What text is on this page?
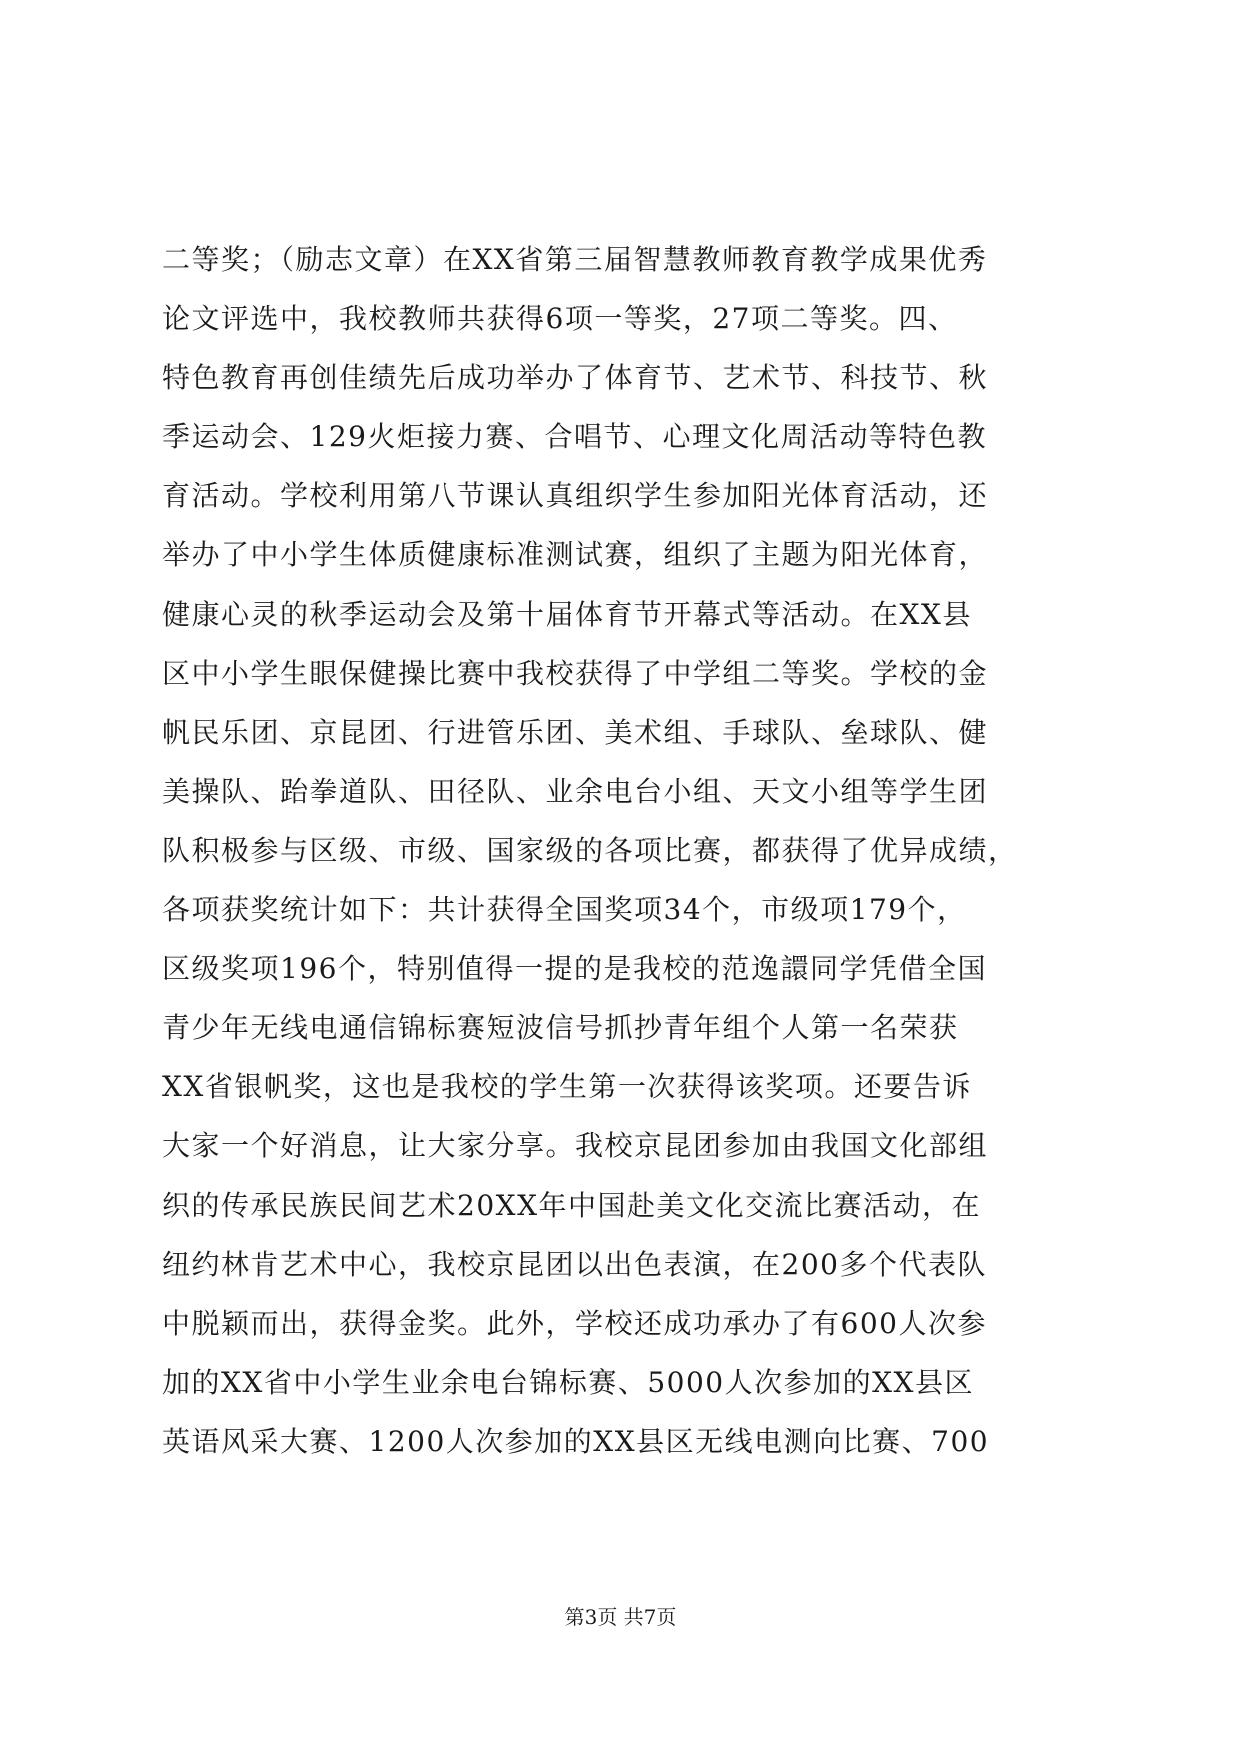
二等奖；（励志文章）在XX省第三届智慧教师教育教学成果优秀
论文评选中，我校教师共获得6项一等奖，27项二等奖。四、
特色教育再创佳绩先后成功举办了体育节、艺术节、科技节、秋
季运动会、129火炬接力赛、合唱节、心理文化周活动等特色教
育活动。学校利用第八节课认真组织学生参加阳光体育活动，还
举办了中小学生体质健康标准测试赛，组织了主题为阳光体育，
健康心灵的秋季运动会及第十届体育节开幕式等活动。在XX县
区中小学生眼保健操比赛中我校获得了中学组二等奖。学校的金
帆民乐团、京昆团、行进管乐团、美术组、手球队、垒球队、健
美操队、跆拳道队、田径队、业余电台小组、天文小组等学生团
队积极参与区级、市级、国家级的各项比赛，都获得了优异成绩，
各项获奖统计如下：共计获得全国奖项34个，市级项179个，
区级奖项196个，特别值得一提的是我校的范逸譞同学凭借全国
青少年无线电通信锦标赛短波信号抓抄青年组个人第一名荣获
XX省银帆奖，这也是我校的学生第一次获得该奖项。还要告诉
大家一个好消息，让大家分享。我校京昆团参加由我国文化部组
织的传承民族民间艺术20XX年中国赴美文化交流比赛活动，在
纽约林肯艺术中心，我校京昆团以出色表演，在200多个代表队
中脱颖而出，获得金奖。此外，学校还成功承办了有600人次参
加的XX省中小学生业余电台锦标赛、5000人次参加的XX县区
英语风采大赛、1200人次参加的XX县区无线电测向比赛、700
第3页 共7页
